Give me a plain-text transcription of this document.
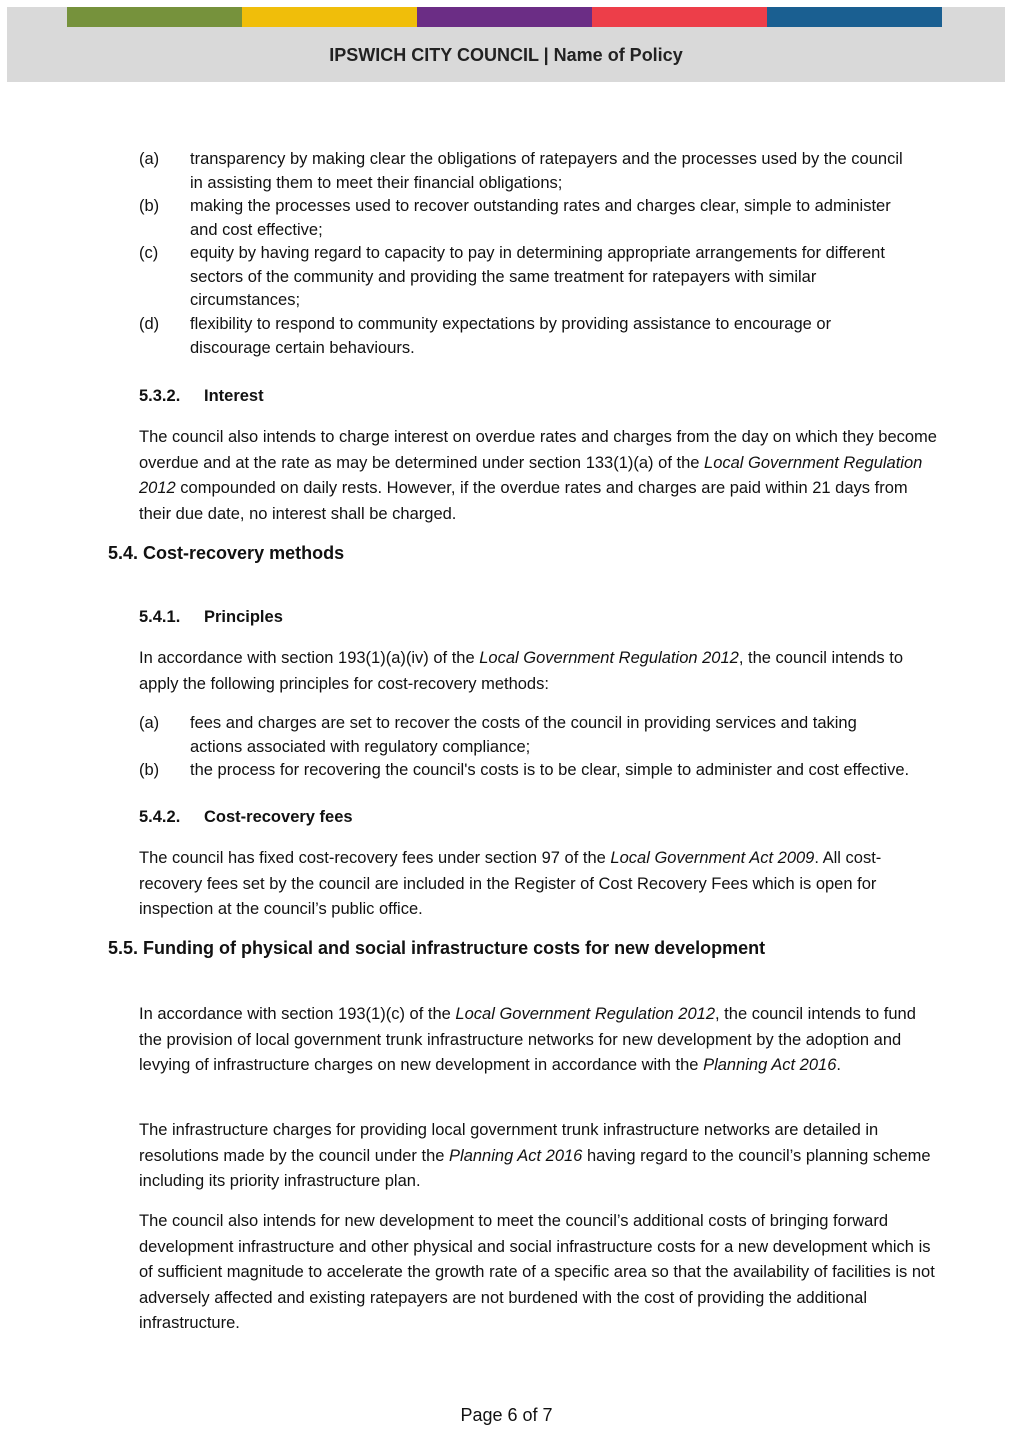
IPSWICH CITY COUNCIL | Name of Policy
(a) transparency by making clear the obligations of ratepayers and the processes used by the council in assisting them to meet their financial obligations;
(b) making the processes used to recover outstanding rates and charges clear, simple to administer and cost effective;
(c) equity by having regard to capacity to pay in determining appropriate arrangements for different sectors of the community and providing the same treatment for ratepayers with similar circumstances;
(d) flexibility to respond to community expectations by providing assistance to encourage or discourage certain behaviours.
5.3.2. Interest

The council also intends to charge interest on overdue rates and charges from the day on which they become overdue and at the rate as may be determined under section 133(1)(a) of the Local Government Regulation 2012 compounded on daily rests. However, if the overdue rates and charges are paid within 21 days from their due date, no interest shall be charged.

5.4. Cost-recovery methods
5.4.1. Principles

In accordance with section 193(1)(a)(iv) of the Local Government Regulation 2012, the council intends to apply the following principles for cost-recovery methods:

(a) fees and charges are set to recover the costs of the council in providing services and taking actions associated with regulatory compliance;
(b) the process for recovering the council's costs is to be clear, simple to administer and cost effective.
5.4.2. Cost-recovery fees

The council has fixed cost-recovery fees under section 97 of the Local Government Act 2009. All cost-recovery fees set by the council are included in the Register of Cost Recovery Fees which is open for inspection at the council’s public office.

5.5. Funding of physical and social infrastructure costs for new development

In accordance with section 193(1)(c) of the Local Government Regulation 2012, the council intends to fund the provision of local government trunk infrastructure networks for new development by the adoption and levying of infrastructure charges on new development in accordance with the Planning Act 2016.

The infrastructure charges for providing local government trunk infrastructure networks are detailed in resolutions made by the council under the Planning Act 2016 having regard to the council’s planning scheme including its priority infrastructure plan.

The council also intends for new development to meet the council’s additional costs of bringing forward development infrastructure and other physical and social infrastructure costs for a new development which is of sufficient magnitude to accelerate the growth rate of a specific area so that the availability of facilities is not adversely affected and existing ratepayers are not burdened with the cost of providing the additional infrastructure.

Page 6 of 7
